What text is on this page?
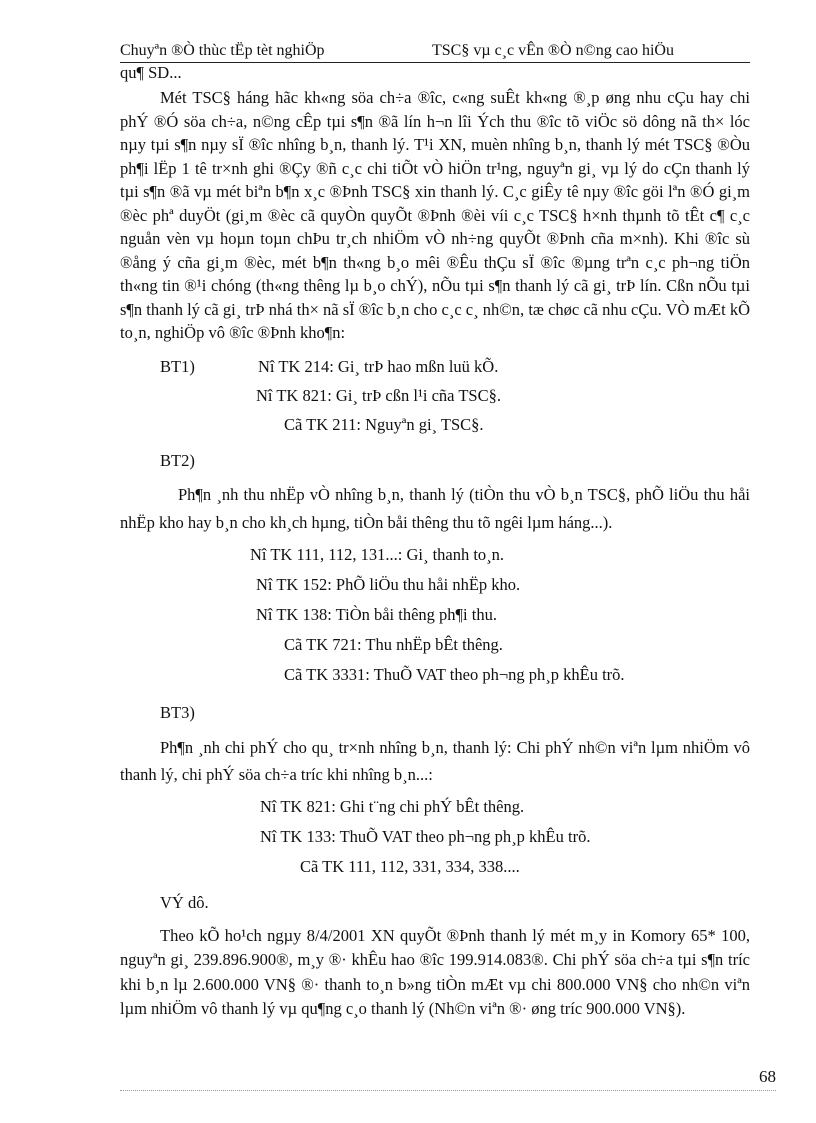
Chuyªn ®Ò thùc tËp tèt nghiÖp	TSC§ vµ c¸c vÊn ®Ò n©ng cao hiÖu

qu¶ SD...

Mét TSC§ háng hãc kh«ng söa ch÷a ®îc, c«ng suÊt kh«ng ®¸p øng nhu cÇu hay chi phÝ ®Ó söa ch÷a, n©ng cÊp tµi s¶n ®ã lín h¬n lîi Ých thu ®îc tõ viÖc sö dông nã th× lóc nµy tµi s¶n nµy sÏ ®îc nhîng b¸n, thanh lý. T¹i XN, muèn nhîng b¸n, thanh lý mét TSC§ ®Òu ph¶i lËp 1 tê tr×nh ghi ®Çy ®ñ c¸c chi tiÕt vÒ hiÖn tr¹ng, nguyªn gi¸ vµ lý do cÇn thanh lý tµi s¶n ®ã vµ mét biªn b¶n x¸c ®Þnh TSC§ xin thanh lý. C¸c giÊy tê nµy ®îc göi lªn ®Ó gi¸m ®èc phª duyÖt (gi¸m ®èc cã quyÒn quyÕt ®Þnh ®èi víi c¸c TSC§ h×nh thµnh tõ tÊt c¶ c¸c nguån vèn vµ hoµn toµn chÞu tr¸ch nhiÖm vÒ nh÷ng quyÕt ®Þnh cña m×nh). Khi ®îc sù ®ång ý cña gi¸m ®èc, mét b¶n th«ng b¸o mêi ®Êu thÇu sÏ ®îc ®µng trªn c¸c ph¬ng tiÖn th«ng tin ®¹i chóng (th«ng thêng lµ b¸o chÝ), nÕu tµi s¶n thanh lý cã gi¸ trÞ lín. Cßn nÕu tµi s¶n thanh lý cã gi¸ trÞ nhá th× nã sÏ ®îc b¸n cho c¸c c¸ nh©n, tæ chøc cã nhu cÇu. VÒ mÆt kÕ to¸n, nghiÖp vô ®îc ®Þnh kho¶n:

BT1)	Nî TK 214: Gi¸ trÞ hao mßn luü kÕ.
Nî TK 821: Gi¸ trÞ cßn l¹i cña TSC§.
Cã TK 211: Nguyªn gi¸ TSC§.
BT2)

Ph¶n ¸nh thu nhËp vÒ nhîng b¸n, thanh lý (tiÒn thu vÒ b¸n TSC§, phÕ liÖu thu håi nhËp kho hay b¸n cho kh¸ch hµng, tiÒn båi thêng thu tõ ngêi lµm háng...).

Nî TK 111, 112, 131...: Gi¸ thanh to¸n.
Nî TK 152: PhÕ liÖu thu håi nhËp kho.
Nî TK 138: TiÒn båi thêng ph¶i thu.
Cã TK 721: Thu nhËp bÊt thêng.
Cã TK 3331: ThuÕ VAT theo ph¬ng ph¸p khÊu trõ.
BT3)

Ph¶n ¸nh chi phÝ cho qu¸ tr×nh nhîng b¸n, thanh lý: Chi phÝ nh©n viªn lµm nhiÖm vô thanh lý, chi phÝ söa ch÷a tríc khi nhîng b¸n...:

Nî TK 821: Ghi t¨ng chi phÝ bÊt thêng.
Nî TK 133: ThuÕ VAT theo ph¬ng ph¸p khÊu trõ.
Cã TK 111, 112, 331, 334, 338....
VÝ dô.

Theo kÕ ho¹ch ngµy 8/4/2001 XN quyÕt ®Þnh thanh lý mét m¸y in Komory 65* 100, nguyªn gi¸ 239.896.900®, m¸y ®· khÊu hao ®îc 199.914.083®. Chi phÝ söa ch÷a tµi s¶n tríc khi b¸n lµ 2.600.000 VN§ ®· thanh to¸n b»ng tiÒn mÆt vµ chi 800.000 VN§ cho nh©n viªn lµm nhiÖm vô thanh lý vµ qu¶ng c¸o thanh lý (Nh©n viªn ®· øng tríc 900.000 VN§).

68
